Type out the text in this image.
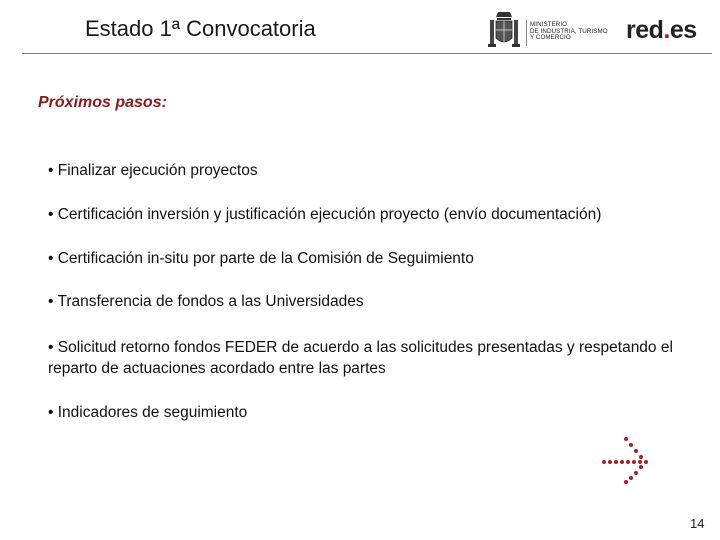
Estado 1ª Convocatoria	MINISTERIO
DE INDUSTRIA, TURISMO
Y COMERCIO	red.es
Próximos pasos:
• Finalizar ejecución proyectos
• Certificación inversión y justificación ejecución proyecto (envío documentación)
• Certificación in-situ por parte de la Comisión de Seguimiento
• Transferencia de fondos a las Universidades
• Solicitud retorno fondos FEDER de acuerdo a las solicitudes presentadas y respetando el reparto de actuaciones acordado entre las partes
• Indicadores de seguimiento
14
